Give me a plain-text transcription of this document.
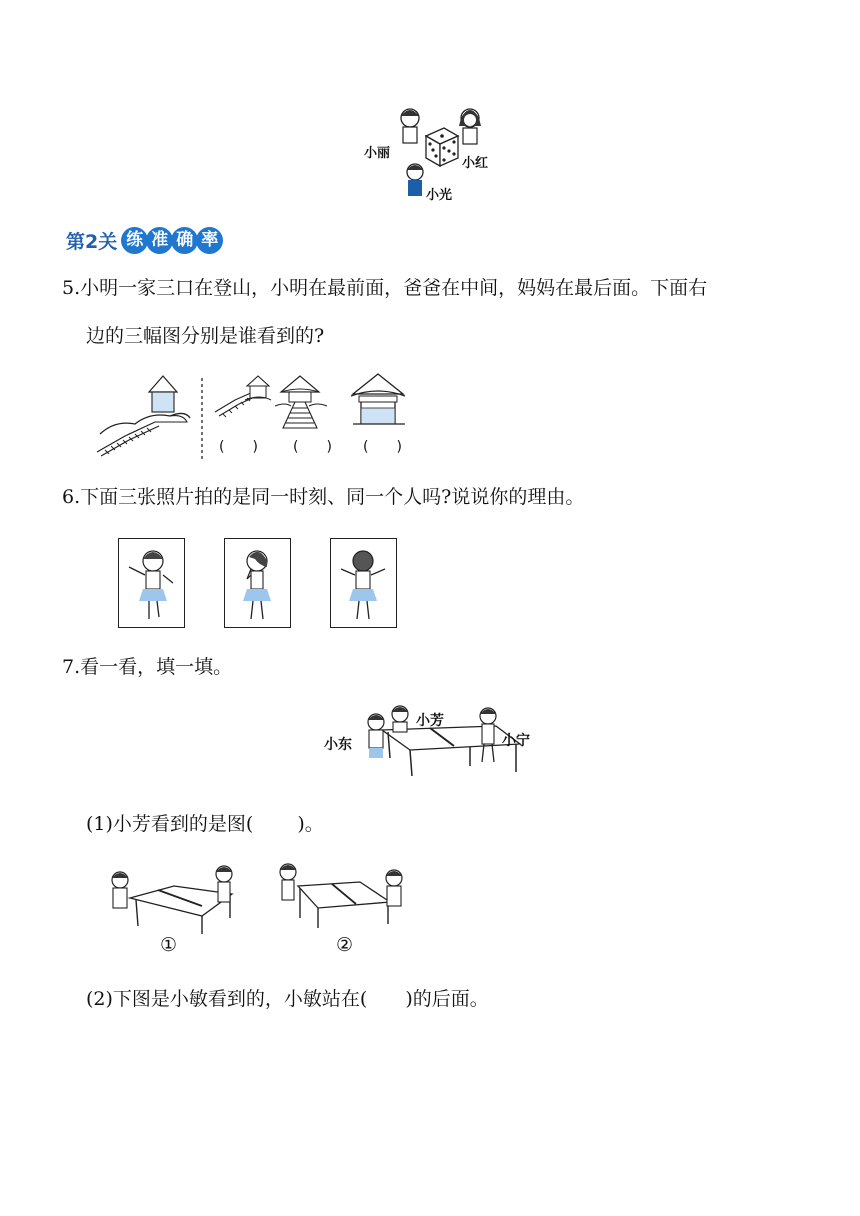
小丽
小红
小光
第2关 练 准 确 率
5.小明一家三口在登山，小明在最前面，爸爸在中间，妈妈在最后面。下面右
边的三幅图分别是谁看到的?
(　　)	(　　) (　　)
6.下面三张照片拍的是同一时刻、同一个人吗?说说你的理由。
7.看一看，填一填。
小东
小芳
小宁
(1)小芳看到的是图(　　 )。
①	②
(2)下图是小敏看到的，小敏站在(　　)的后面。
